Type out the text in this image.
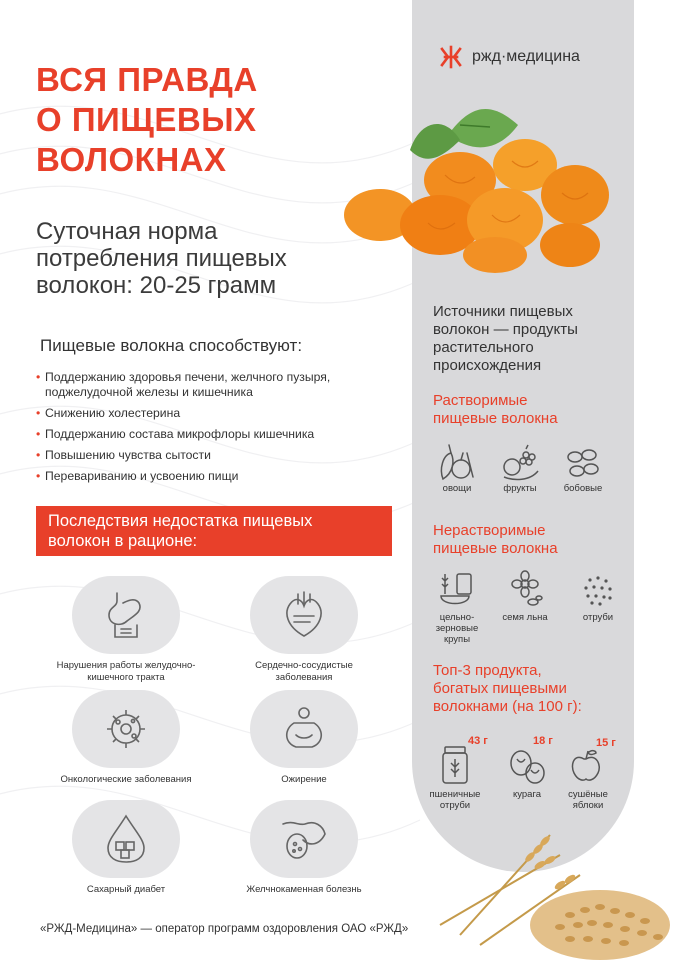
ржд·медицина
ВСЯ ПРАВДА
О ПИЩЕВЫХ
ВОЛОКНАХ
Суточная норма
потребления пищевых
волокон: 20-25 грамм
Пищевые волокна способствуют:
• Поддержанию здоровья печени, желчного пузыря, поджелудочной железы и кишечника
• Снижению холестерина
• Поддержанию состава микрофлоры кишечника
• Повышению чувства сытости
• Перевариванию и усвоению пищи
Последствия недостатка пищевых
волокон в рационе:
Нарушения работы желудочно-кишечного тракта
Сердечно-сосудистые заболевания
Онкологические заболевания	Ожирение
Сахарный диабет	Желчнокаменная болезнь
Источники пищевых волокон — продукты растительного происхождения
Растворимые
пищевые волокна
овощи	фрукты	бобовые
Нерастворимые
пищевые волокна
цельно-зерновые крупы
семя льна	отруби
Топ-3 продукта,
богатых пищевыми
волокнами (на 100 г):
43 г	18 г	15 г
пшеничные отруби
курага	сушёные яблоки
«РЖД-Медицина» — оператор программ оздоровления ОАО «РЖД»
